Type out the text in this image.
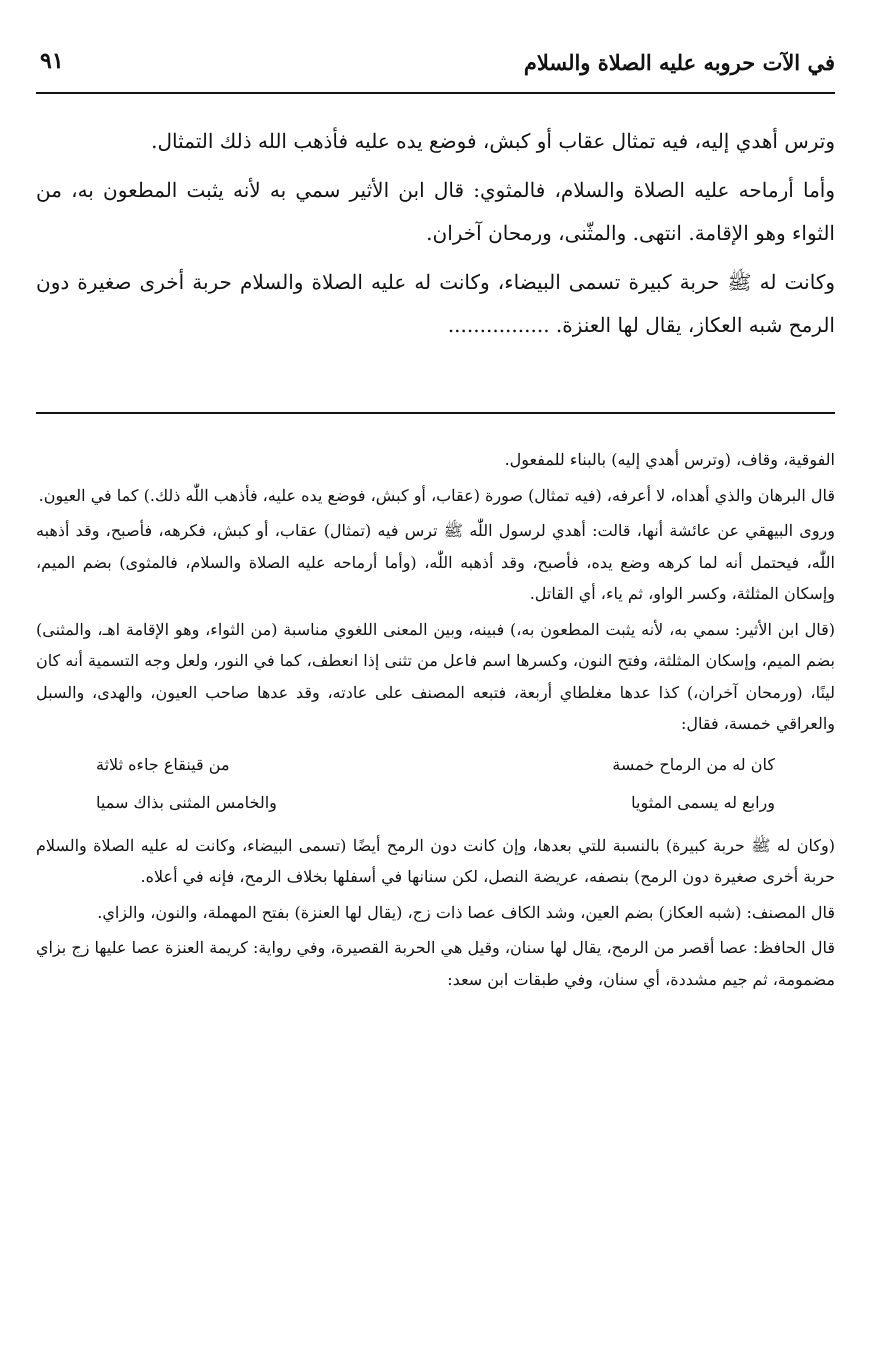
في الآت حروبه عليه الصلاة والسلام
٩١

وترس أهدي إليه، فيه تمثال عقاب أو كبش، فوضع يده عليه فأذهب الله ذلك التمثال.

وأما أرماحه عليه الصلاة والسلام، فالمثوي: قال ابن الأثير سمي به لأنه يثبت المطعون به، من الثواء وهو الإقامة. انتهى. والمثّنى، ورمحان آخران.

وكانت له ﷺ حربة كبيرة تسمى البيضاء، وكانت له عليه الصلاة والسلام حربة أخرى صغيرة دون الرمح شبه العكاز، يقال لها العنزة. ................

الفوقية، وقاف، (وترس أهدي إليه) بالبناء للمفعول.

قال البرهان والذي أهداه، لا أعرفه، (فيه تمثال) صورة (عقاب، أو كبش، فوضع يده عليه، فأذهب اللّٰه ذلك.) كما في العيون.

وروى البيهقي عن عائشة أنها، قالت: أهدي لرسول اللّٰه ﷺ ترس فيه (تمثال) عقاب، أو كبش، فكرهه، فأصبح، وقد أذهبه اللّٰه، فيحتمل أنه لما كرهه وضع يده، فأصبح، وقد أذهبه اللّٰه، (وأما أرماحه عليه الصلاة والسلام، فالمثوى) بضم الميم، وإسكان المثلثة، وكسر الواو، ثم ياء، أي القاتل.

(قال ابن الأثير: سمي به، لأنه يثبت المطعون به،) فبينه، وبين المعنى اللغوي مناسبة (من الثواء، وهو الإقامة اهـ، والمثنى) بضم الميم، وإسكان المثلثة، وفتح النون، وكسرها اسم فاعل من تثنى إذا انعطف، كما في النور، ولعل وجه التسمية أنه كان لينًا، (ورمحان آخران،) كذا عدها مغلطاي أربعة، فتبعه المصنف على عادته، وقد عدها صاحب العيون، والهدى، والسبل والعراقي خمسة، فقال:

كان له من الرماح خمسة
من قينقاع جاءه ثلاثة
ورابع له يسمى المثويا
والخامس المثنى بذاك سميا

(وكان له ﷺ حربة كبيرة) بالنسبة للتي بعدها، وإن كانت دون الرمح أيضًا (تسمى البيضاء، وكانت له عليه الصلاة والسلام حربة أخرى صغيرة دون الرمح) بنصفه، عريضة النصل، لكن سنانها في أسفلها بخلاف الرمح، فإنه في أعلاه.

قال المصنف: (شبه العكاز) بضم العين، وشد الكاف عصا ذات زج، (يقال لها العنزة) بفتح المهملة، والنون، والزاي.

قال الحافظ: عصا أقصر من الرمح، يقال لها سنان، وقيل هي الحربة القصيرة، وفي رواية: كريمة العنزة عصا عليها زج بزاي مضمومة، ثم جيم مشددة، أي سنان، وفي طبقات ابن سعد:
